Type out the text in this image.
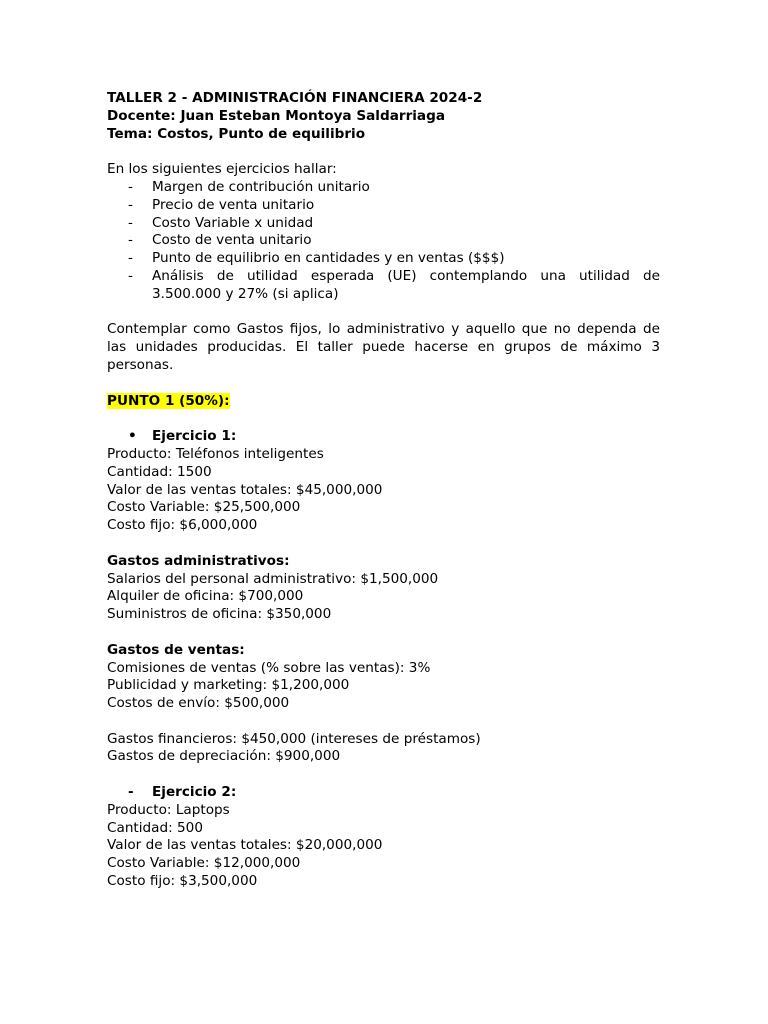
TALLER 2 - ADMINISTRACIÓN FINANCIERA 2024-2
Docente: Juan Esteban Montoya Saldarriaga
Tema: Costos, Punto de equilibrio
En los siguientes ejercicios hallar:
- Margen de contribución unitario
- Precio de venta unitario
- Costo Variable x unidad
- Costo de venta unitario
- Punto de equilibrio en cantidades y en ventas ($$$)
- Análisis de utilidad esperada (UE) contemplando una utilidad de 3.500.000 y 27% (si aplica)
Contemplar como Gastos fijos, lo administrativo y aquello que no dependa de las unidades producidas. El taller puede hacerse en grupos de máximo 3 personas.
PUNTO 1 (50%):
• Ejercicio 1:
Producto: Teléfonos inteligentes
Cantidad: 1500
Valor de las ventas totales: $45,000,000
Costo Variable: $25,500,000
Costo fijo: $6,000,000
Gastos administrativos:
Salarios del personal administrativo: $1,500,000
Alquiler de oficina: $700,000
Suministros de oficina: $350,000
Gastos de ventas:
Comisiones de ventas (% sobre las ventas): 3%
Publicidad y marketing: $1,200,000
Costos de envío: $500,000
Gastos financieros: $450,000 (intereses de préstamos)
Gastos de depreciación: $900,000
- Ejercicio 2:
Producto: Laptops
Cantidad: 500
Valor de las ventas totales: $20,000,000
Costo Variable: $12,000,000
Costo fijo: $3,500,000
